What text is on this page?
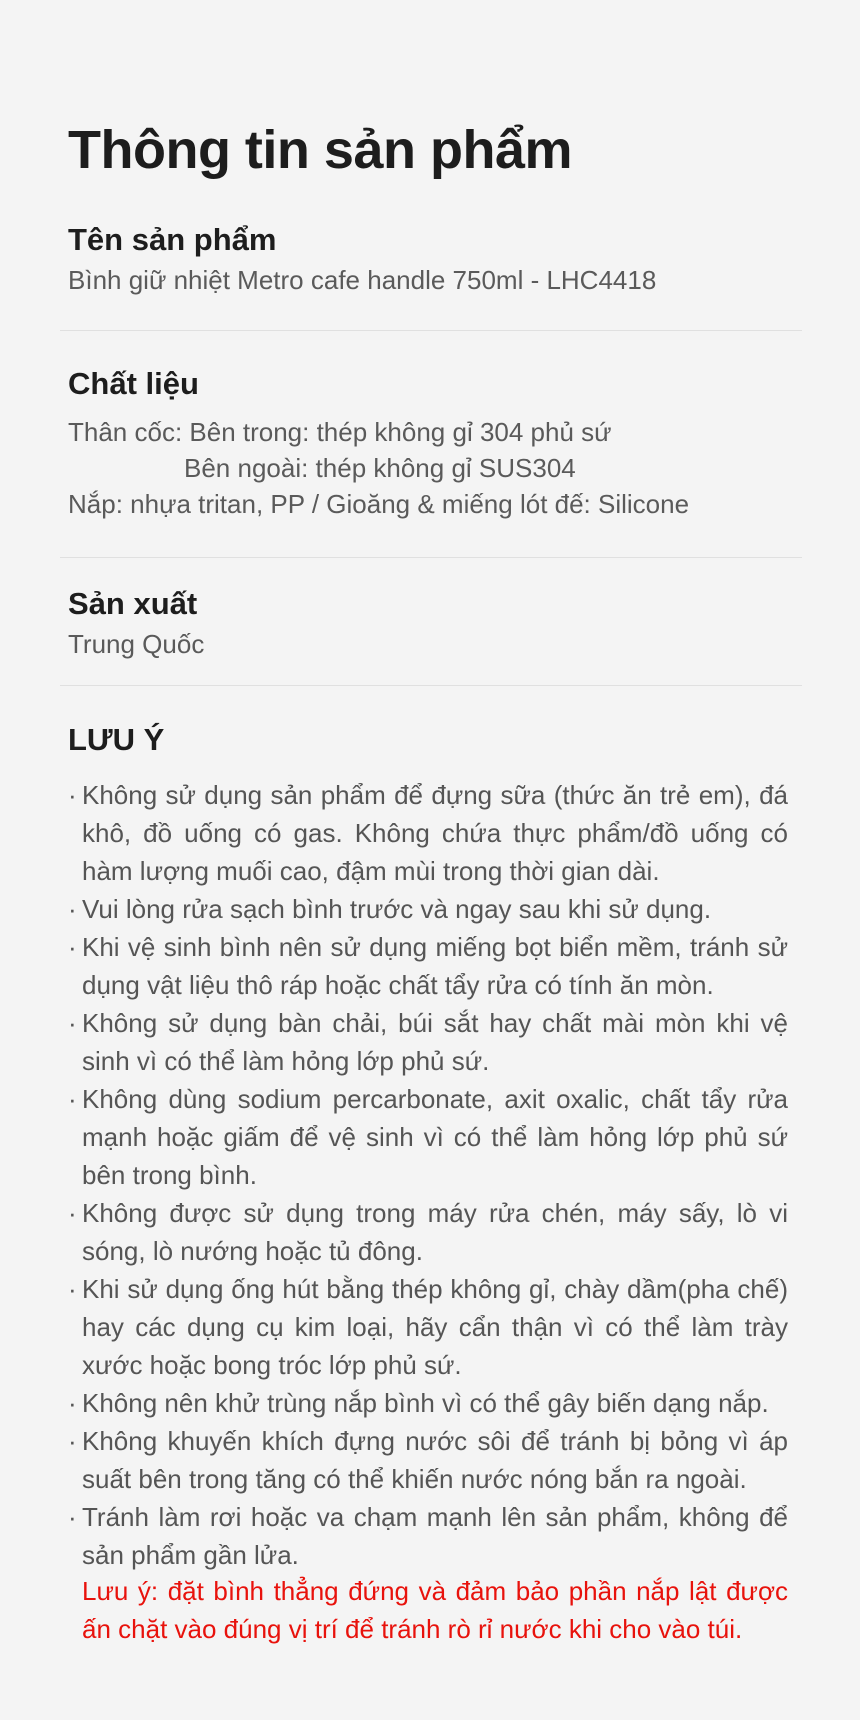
Thông tin sản phẩm
Tên sản phẩm
Bình giữ nhiệt Metro cafe handle 750ml - LHC4418
Chất liệu
Thân cốc: Bên trong: thép không gỉ 304 phủ sứ
Bên ngoài: thép không gỉ SUS304
Nắp: nhựa tritan, PP / Gioăng & miếng lót đế: Silicone
Sản xuất
Trung Quốc
LƯU Ý
· Không sử dụng sản phẩm để đựng sữa (thức ăn trẻ em), đá khô, đồ uống có gas. Không chứa thực phẩm/đồ uống có hàm lượng muối cao, đậm mùi trong thời gian dài.
· Vui lòng rửa sạch bình trước và ngay sau khi sử dụng.
· Khi vệ sinh bình nên sử dụng miếng bọt biển mềm, tránh sử dụng vật liệu thô ráp hoặc chất tẩy rửa có tính ăn mòn.
· Không sử dụng bàn chải, búi sắt hay chất mài mòn khi vệ sinh vì có thể làm hỏng lớp phủ sứ.
· Không dùng sodium percarbonate, axit oxalic, chất tẩy rửa mạnh hoặc giấm để vệ sinh vì có thể làm hỏng lớp phủ sứ bên trong bình.
· Không được sử dụng trong máy rửa chén, máy sấy, lò vi sóng, lò nướng hoặc tủ đông.
· Khi sử dụng ống hút bằng thép không gỉ, chày dầm(pha chế) hay các dụng cụ kim loại, hãy cẩn thận vì có thể làm trày xước hoặc bong tróc lớp phủ sứ.
· Không nên khử trùng nắp bình vì có thể gây biến dạng nắp.
· Không khuyến khích đựng nước sôi để tránh bị bỏng vì áp suất bên trong tăng có thể khiến nước nóng bắn ra ngoài.
· Tránh làm rơi hoặc va chạm mạnh lên sản phẩm, không để sản phẩm gần lửa.
Lưu ý: đặt bình thẳng đứng và đảm bảo phần nắp lật được ấn chặt vào đúng vị trí để tránh rò rỉ nước khi cho vào túi.
